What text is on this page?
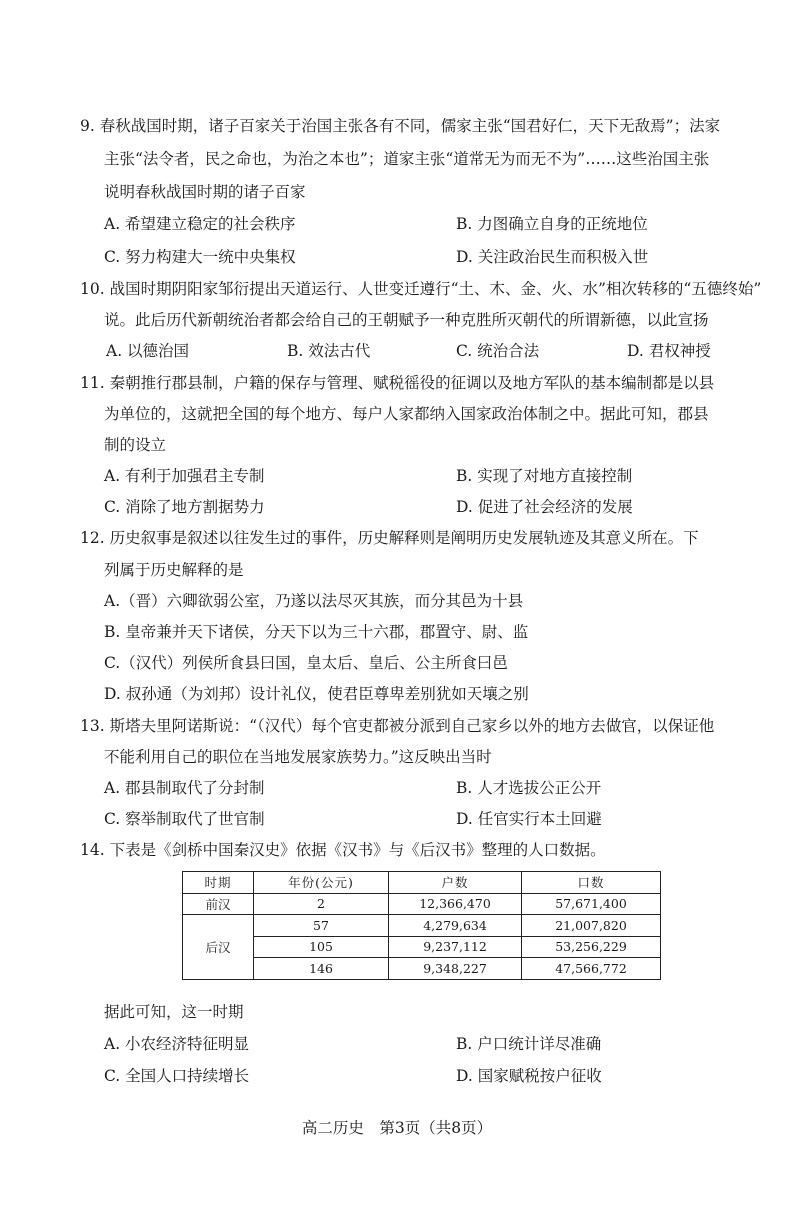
9. 春秋战国时期，诸子百家关于治国主张各有不同，儒家主张“国君好仁，天下无敌焉”；法家
主张“法令者，民之命也，为治之本也”；道家主张“道常无为而无不为”……这些治国主张
说明春秋战国时期的诸子百家
A. 希望建立稳定的社会秩序	B. 力图确立自身的正统地位
C. 努力构建大一统中央集权	D. 关注政治民生而积极入世
10. 战国时期阴阳家邹衍提出天道运行、人世变迁遵行“土、木、金、火、水”相次转移的“五德终始”
说。此后历代新朝统治者都会给自己的王朝赋予一种克胜所灭朝代的所谓新德，以此宣扬
A. 以德治国	B. 效法古代	C. 统治合法	D. 君权神授
11. 秦朝推行郡县制，户籍的保存与管理、赋税徭役的征调以及地方军队的基本编制都是以县
为单位的，这就把全国的每个地方、每户人家都纳入国家政治体制之中。据此可知，郡县
制的设立
A. 有利于加强君主专制	B. 实现了对地方直接控制
C. 消除了地方割据势力	D. 促进了社会经济的发展
12. 历史叙事是叙述以往发生过的事件，历史解释则是阐明历史发展轨迹及其意义所在。下
列属于历史解释的是
A.（晋）六卿欲弱公室，乃遂以法尽灭其族，而分其邑为十县
B. 皇帝兼并天下诸侯，分天下以为三十六郡，郡置守、尉、监
C.（汉代）列侯所食县曰国，皇太后、皇后、公主所食曰邑
D. 叔孙通（为刘邦）设计礼仪，使君臣尊卑差别犹如天壤之别
13. 斯塔夫里阿诺斯说：“（汉代）每个官吏都被分派到自己家乡以外的地方去做官，以保证他
不能利用自己的职位在当地发展家族势力。”这反映出当时
A. 郡县制取代了分封制	B. 人才选拔公正公开
C. 察举制取代了世官制	D. 任官实行本土回避
14. 下表是《剑桥中国秦汉史》依据《汉书》与《后汉书》整理的人口数据。
时期	年份(公元)	户数	口数
前汉	2	12,366,470	57,671,400
后汉	57	4,279,634	21,007,820
	105	9,237,112	53,256,229
	146	9,348,227	47,566,772
据此可知，这一时期
A. 小农经济特征明显	B. 户口统计详尽准确
C. 全国人口持续增长	D. 国家赋税按户征收
高二历史　第3页（共8页）
